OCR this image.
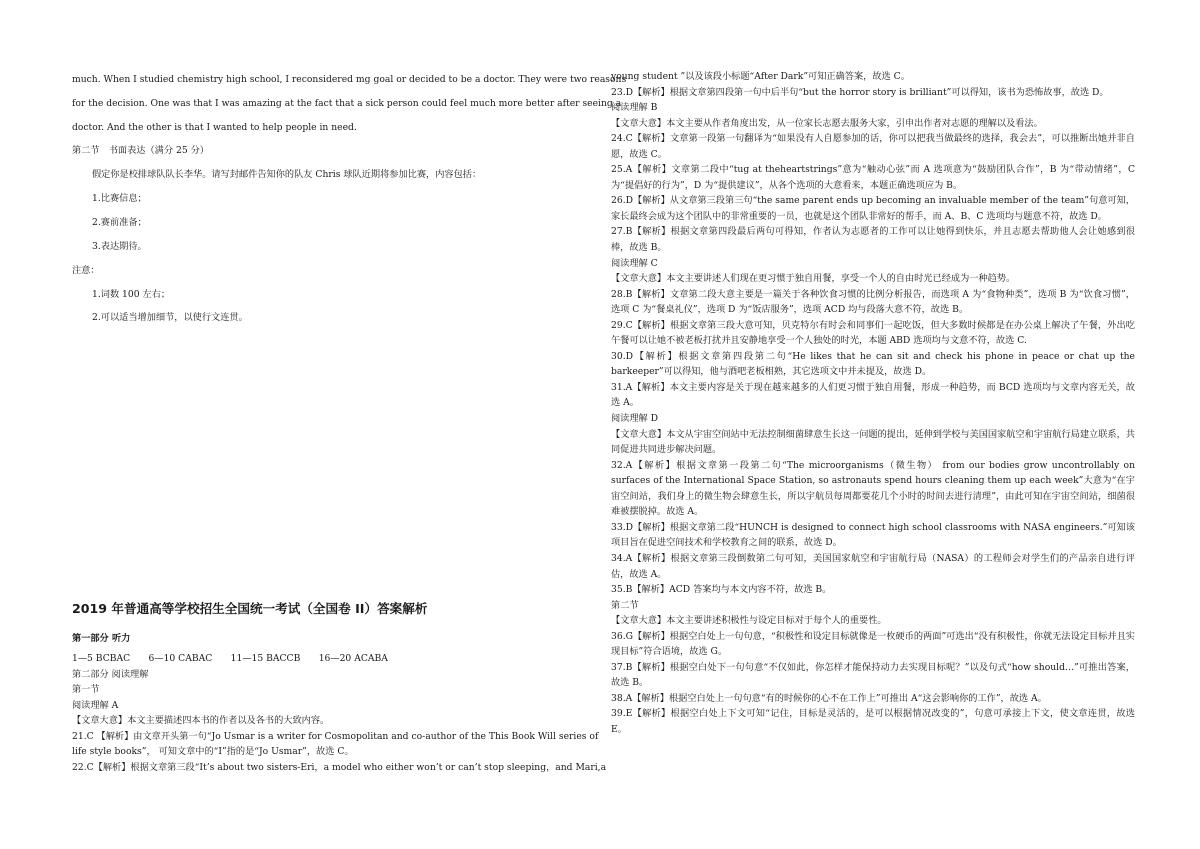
much. When I studied chemistry high school, I reconsidered mg goal or decided to be a doctor. They were two reasons
for the decision. One was that I was amazing at the fact that a sick person could feel much more better after seeing a
doctor. And the other is that I wanted to help people in need.
第二节　书面表达（满分 25 分）
假定你是校排球队队长李华。请写封邮件告知你的队友 Chris 球队近期将参加比赛，内容包括：
1.比赛信息；
2.赛前准备；
3.表达期待。
注意：
1.词数 100 左右；
2.可以适当增加细节，以使行文连贯。
2019 年普通高等学校招生全国统一考试（全国卷 II）答案解析
第一部分 听力
1—5 BCBAC　　6—10 CABAC　　11—15 BACCB　　16—20 ACABA
第二部分 阅读理解
第一节
阅读理解 A
【文章大意】本文主要描述四本书的作者以及各书的大致内容。
21.C 【解析】由文章开头第一句“Jo Usmar is a writer for Cosmopolitan and co-author of the This Book Will series of
life style books”， 可知文章中的“I”指的是“Jo Usmar”，故选 C。
22.C【解析】根据文章第三段“It’s about two sisters-Eri，a model who either won’t or can’t stop sleeping，and Mari,a

young student ”以及该段小标题“After Dark”可知正确答案，故选 C。

23.D【解析】根据文章第四段第一句中后半句“but the horror story is brilliant”可以得知，该书为恐怖故事，故选 D。

阅读理解 B

【文章大意】本文主要从作者角度出发，从一位家长志愿去服务大家，引申出作者对志愿的理解以及看法。

24.C【解析】文章第一段第一句翻译为“如果没有人自愿参加的话，你可以把我当做最终的选择，我会去”，可以推断出她并非自愿，故选 C。

25.A【解析】文章第二段中“tug at theheartstrings”意为“触动心弦”而 A 选项意为“鼓励团队合作”，B 为“带动情绪”，C 为“提倡好的行为”，D 为“提供建议”，从各个选项的大意看来，本题正确选项应为 B。

26.D【解析】从文章第三段第三句“the same parent ends up becoming an invaluable member of the team”句意可知，家长最终会成为这个团队中的非常重要的一员，也就是这个团队非常好的帮手，而 A、B、C 选项均与题意不符，故选 D。

27.B【解析】根据文章第四段最后两句可得知，作者认为志愿者的工作可以让她得到快乐，并且志愿去帮助他人会让她感到很棒，故选 B。

阅读理解 C

【文章大意】本文主要讲述人们现在更习惯于独自用餐，享受一个人的自由时光已经成为一种趋势。

28.B【解析】文章第二段大意主要是一篇关于各种饮食习惯的比例分析报告，而选项 A 为“食物种类”，选项 B 为“饮食习惯”，选项 C 为“餐桌礼仪”，选项 D 为“饭店服务”，选项 ACD 均与段落大意不符，故选 B。

29.C【解析】根据文章第三段大意可知，贝克特尔有时会和同事们一起吃饭，但大多数时候都是在办公桌上解决了午餐，外出吃午餐可以让她不被老板打扰并且安静地享受一个人独处的时光，本题 ABD 选项均与文意不符，故选 C.

30.D【解析】根据文章第四段第二句“He likes that he can sit and check his phone in peace or chat up the barkeeper”可以得知，他与酒吧老板相熟，其它选项文中并未提及，故选 D。

31.A【解析】本文主要内容是关于现在越来越多的人们更习惯于独自用餐，形成一种趋势，而 BCD 选项均与文章内容无关，故选 A。

阅读理解 D

【文章大意】本文从宇宙空间站中无法控制细菌肆意生长这一问题的提出，延伸到学校与美国国家航空和宇宙航行局建立联系，共同促进共同进步解决问题。

32.A【解析】根据文章第一段第二句“The microorganisms（微生物） from our bodies grow uncontrollably on surfaces of the International Space Station, so astronauts spend hours cleaning them up each week”大意为“在宇宙空间站，我们身上的微生物会肆意生长，所以宇航员每周都要花几个小时的时间去进行清理”，由此可知在宇宙空间站，细菌很难被摆脱掉。故选 A。

33.D【解析】根据文章第二段“HUNCH is designed to connect high school classrooms with NASA engineers.”可知该项目旨在促进空间技术和学校教育之间的联系，故选 D。

34.A【解析】根据文章第三段倒数第二句可知，美国国家航空和宇宙航行局（NASA）的工程师会对学生们的产品亲自进行评估，故选 A。

35.B【解析】ACD 答案均与本文内容不符，故选 B。

第二节

【文章大意】本文主要讲述积极性与设定目标对于每个人的重要性。

36.G【解析】根据空白处上一句句意，“积极性和设定目标就像是一枚硬币的两面”可选出“没有积极性，你就无法设定目标并且实现目标”符合语境，故选 G。

37.B【解析】根据空白处下一句句意“不仅如此，你怎样才能保持动力去实现目标呢？”以及句式“how should…”可推出答案，故选 B。

38.A【解析】根据空白处上一句句意“有的时候你的心不在工作上”可推出 A“这会影响你的工作”，故选 A。

39.E【解析】根据空白处上下文可知“记住，目标是灵活的，是可以根据情况改变的”，句意可承接上下文，使文章连贯，故选 E。
